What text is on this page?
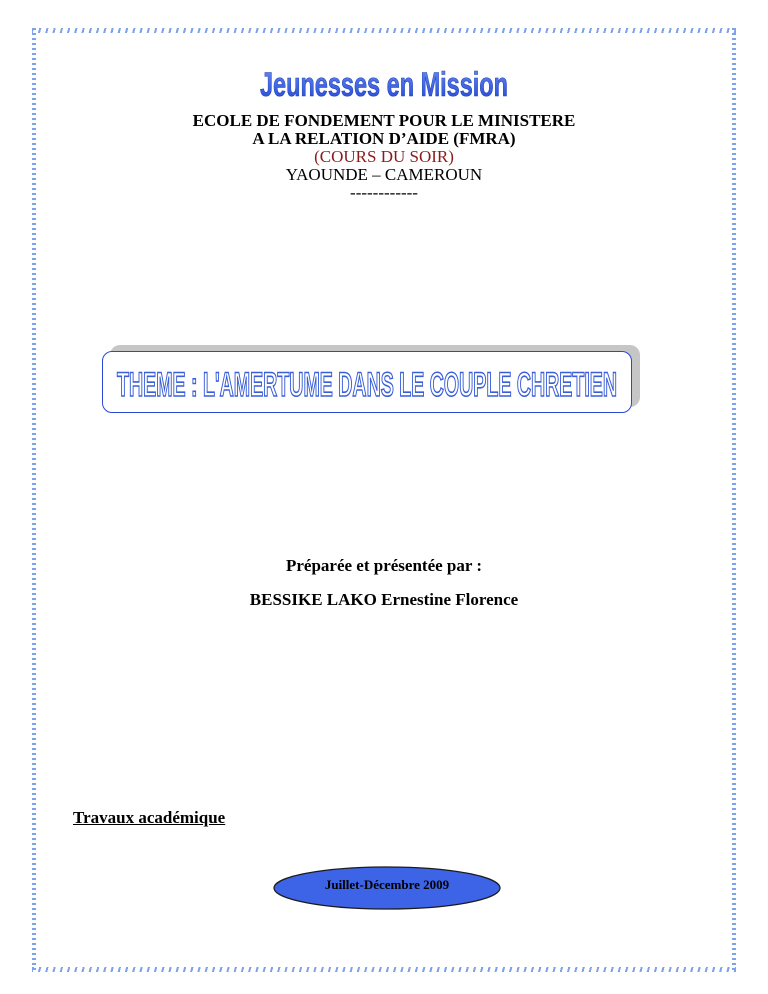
Jeunesses en Mission
ECOLE DE FONDEMENT POUR LE MINISTERE
A LA RELATION D’AIDE (FMRA)
(COURS DU SOIR)
YAOUNDE – CAMEROUN
------------
THEME : L'AMERTUME DANS LE COUPLE CHRETIEN
Préparée et présentée par :
BESSIKE LAKO Ernestine Florence
Travaux académique
Juillet-Décembre 2009
